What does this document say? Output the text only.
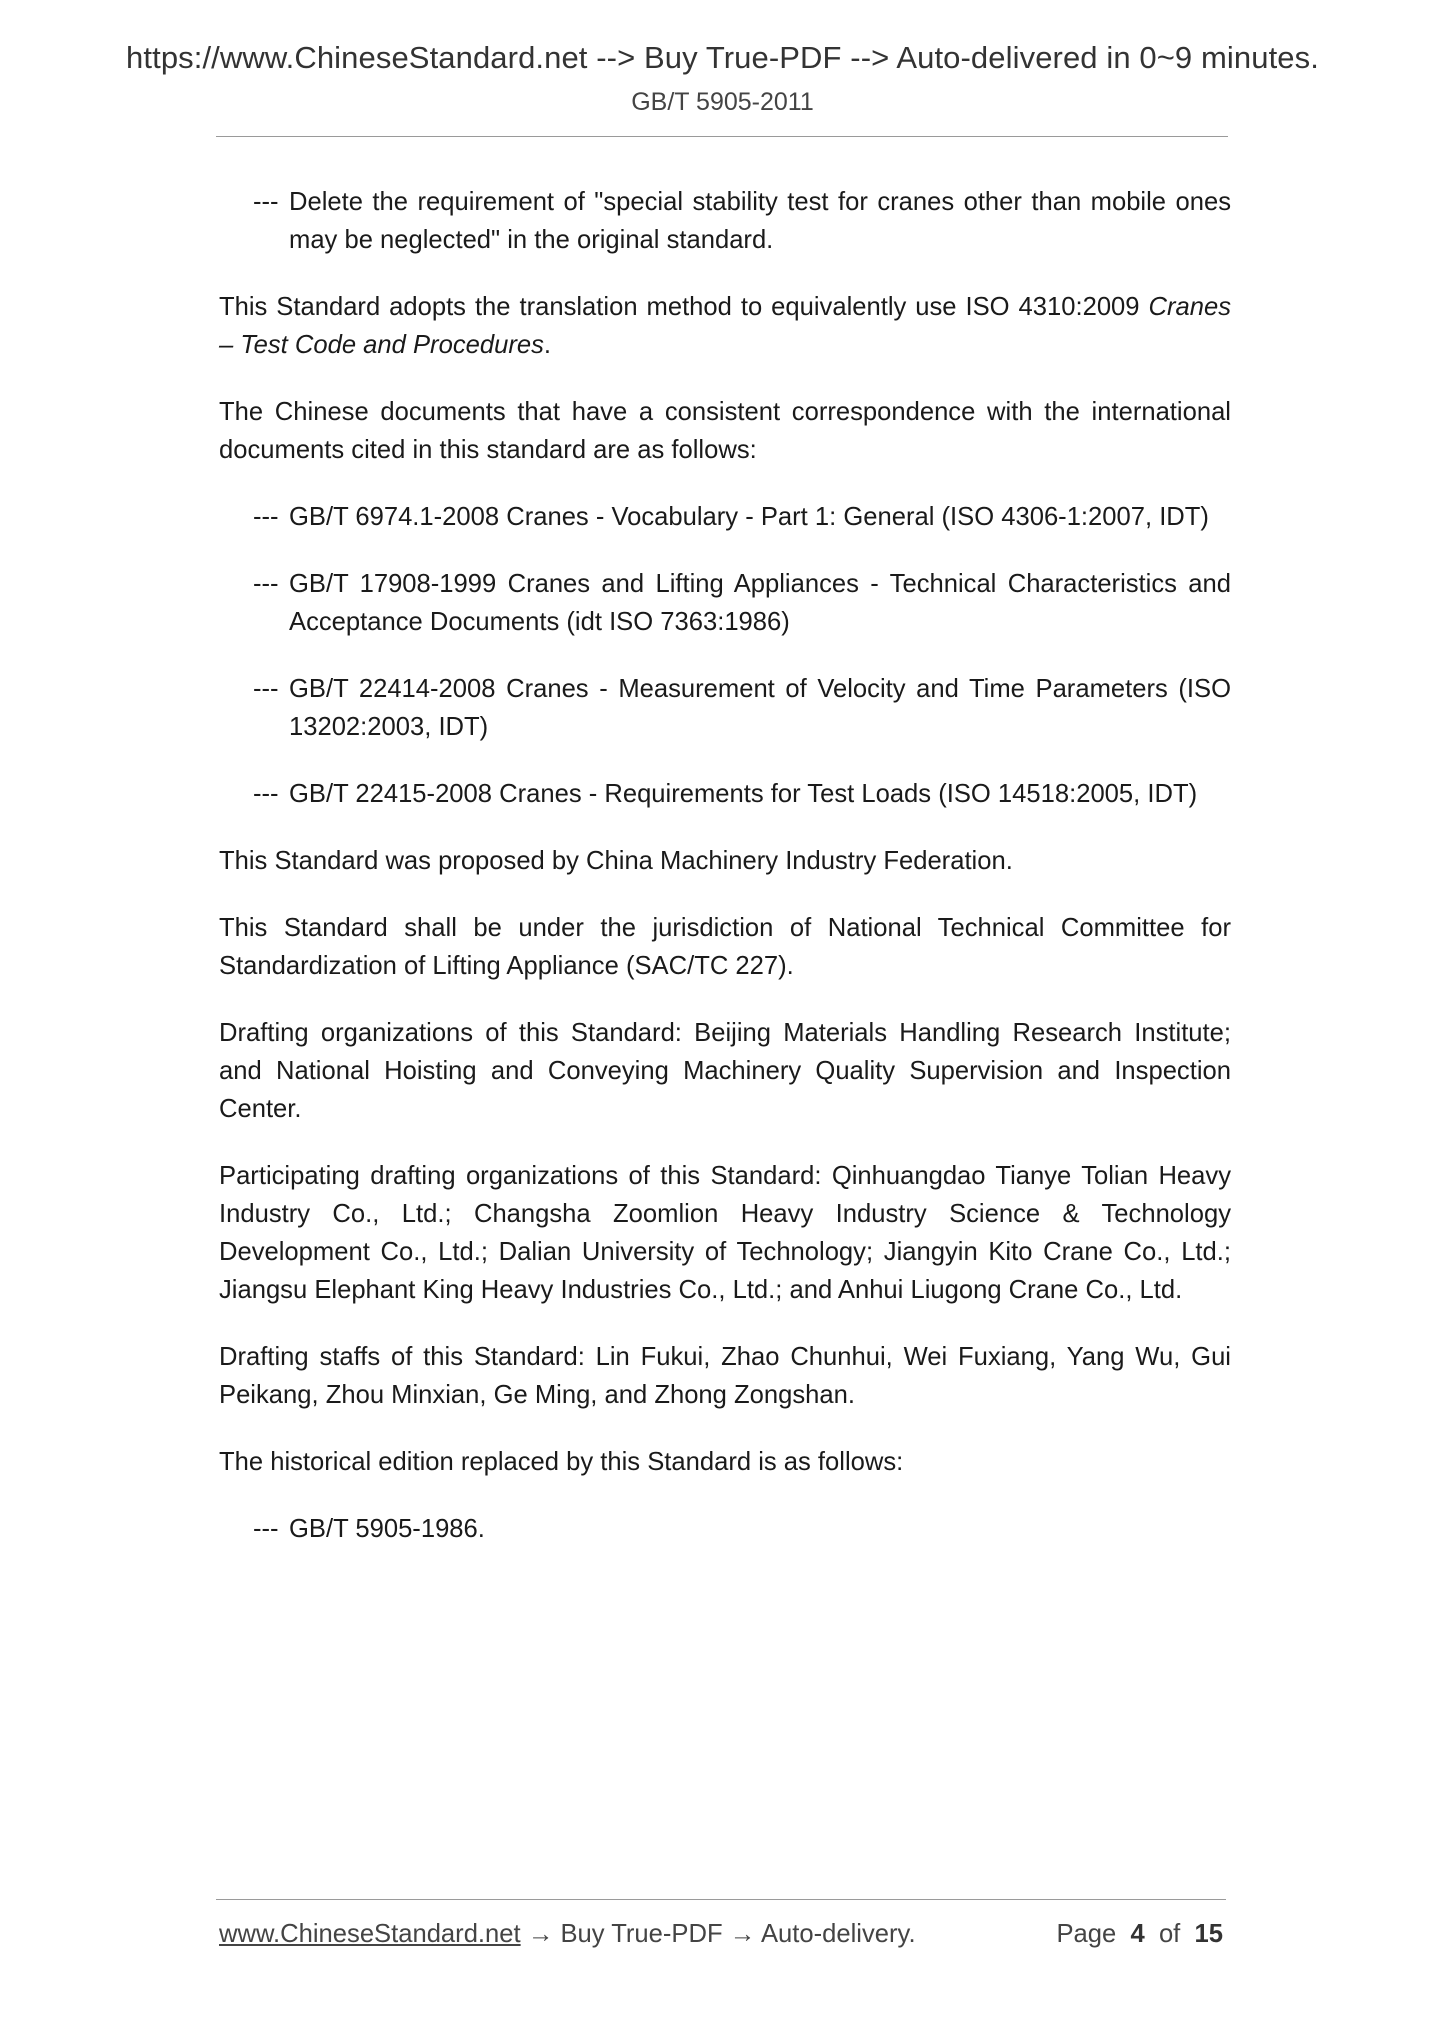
https://www.ChineseStandard.net --> Buy True-PDF --> Auto-delivered in 0~9 minutes.
GB/T 5905-2011
--- Delete the requirement of "special stability test for cranes other than mobile ones may be neglected" in the original standard.

This Standard adopts the translation method to equivalently use ISO 4310:2009 Cranes – Test Code and Procedures.

The Chinese documents that have a consistent correspondence with the international documents cited in this standard are as follows:

--- GB/T 6974.1-2008 Cranes - Vocabulary - Part 1: General (ISO 4306-1:2007, IDT)
--- GB/T 17908-1999 Cranes and Lifting Appliances - Technical Characteristics and Acceptance Documents (idt ISO 7363:1986)
--- GB/T 22414-2008 Cranes - Measurement of Velocity and Time Parameters (ISO 13202:2003, IDT)
--- GB/T 22415-2008 Cranes - Requirements for Test Loads (ISO 14518:2005, IDT)

This Standard was proposed by China Machinery Industry Federation.

This Standard shall be under the jurisdiction of National Technical Committee for Standardization of Lifting Appliance (SAC/TC 227).

Drafting organizations of this Standard: Beijing Materials Handling Research Institute; and National Hoisting and Conveying Machinery Quality Supervision and Inspection Center.

Participating drafting organizations of this Standard: Qinhuangdao Tianye Tolian Heavy Industry Co., Ltd.; Changsha Zoomlion Heavy Industry Science & Technology Development Co., Ltd.; Dalian University of Technology; Jiangyin Kito Crane Co., Ltd.; Jiangsu Elephant King Heavy Industries Co., Ltd.; and Anhui Liugong Crane Co., Ltd.

Drafting staffs of this Standard: Lin Fukui, Zhao Chunhui, Wei Fuxiang, Yang Wu, Gui Peikang, Zhou Minxian, Ge Ming, and Zhong Zongshan.

The historical edition replaced by this Standard is as follows:

--- GB/T 5905-1986.
www.ChineseStandard.net → Buy True-PDF → Auto-delivery.	Page 4 of 15
